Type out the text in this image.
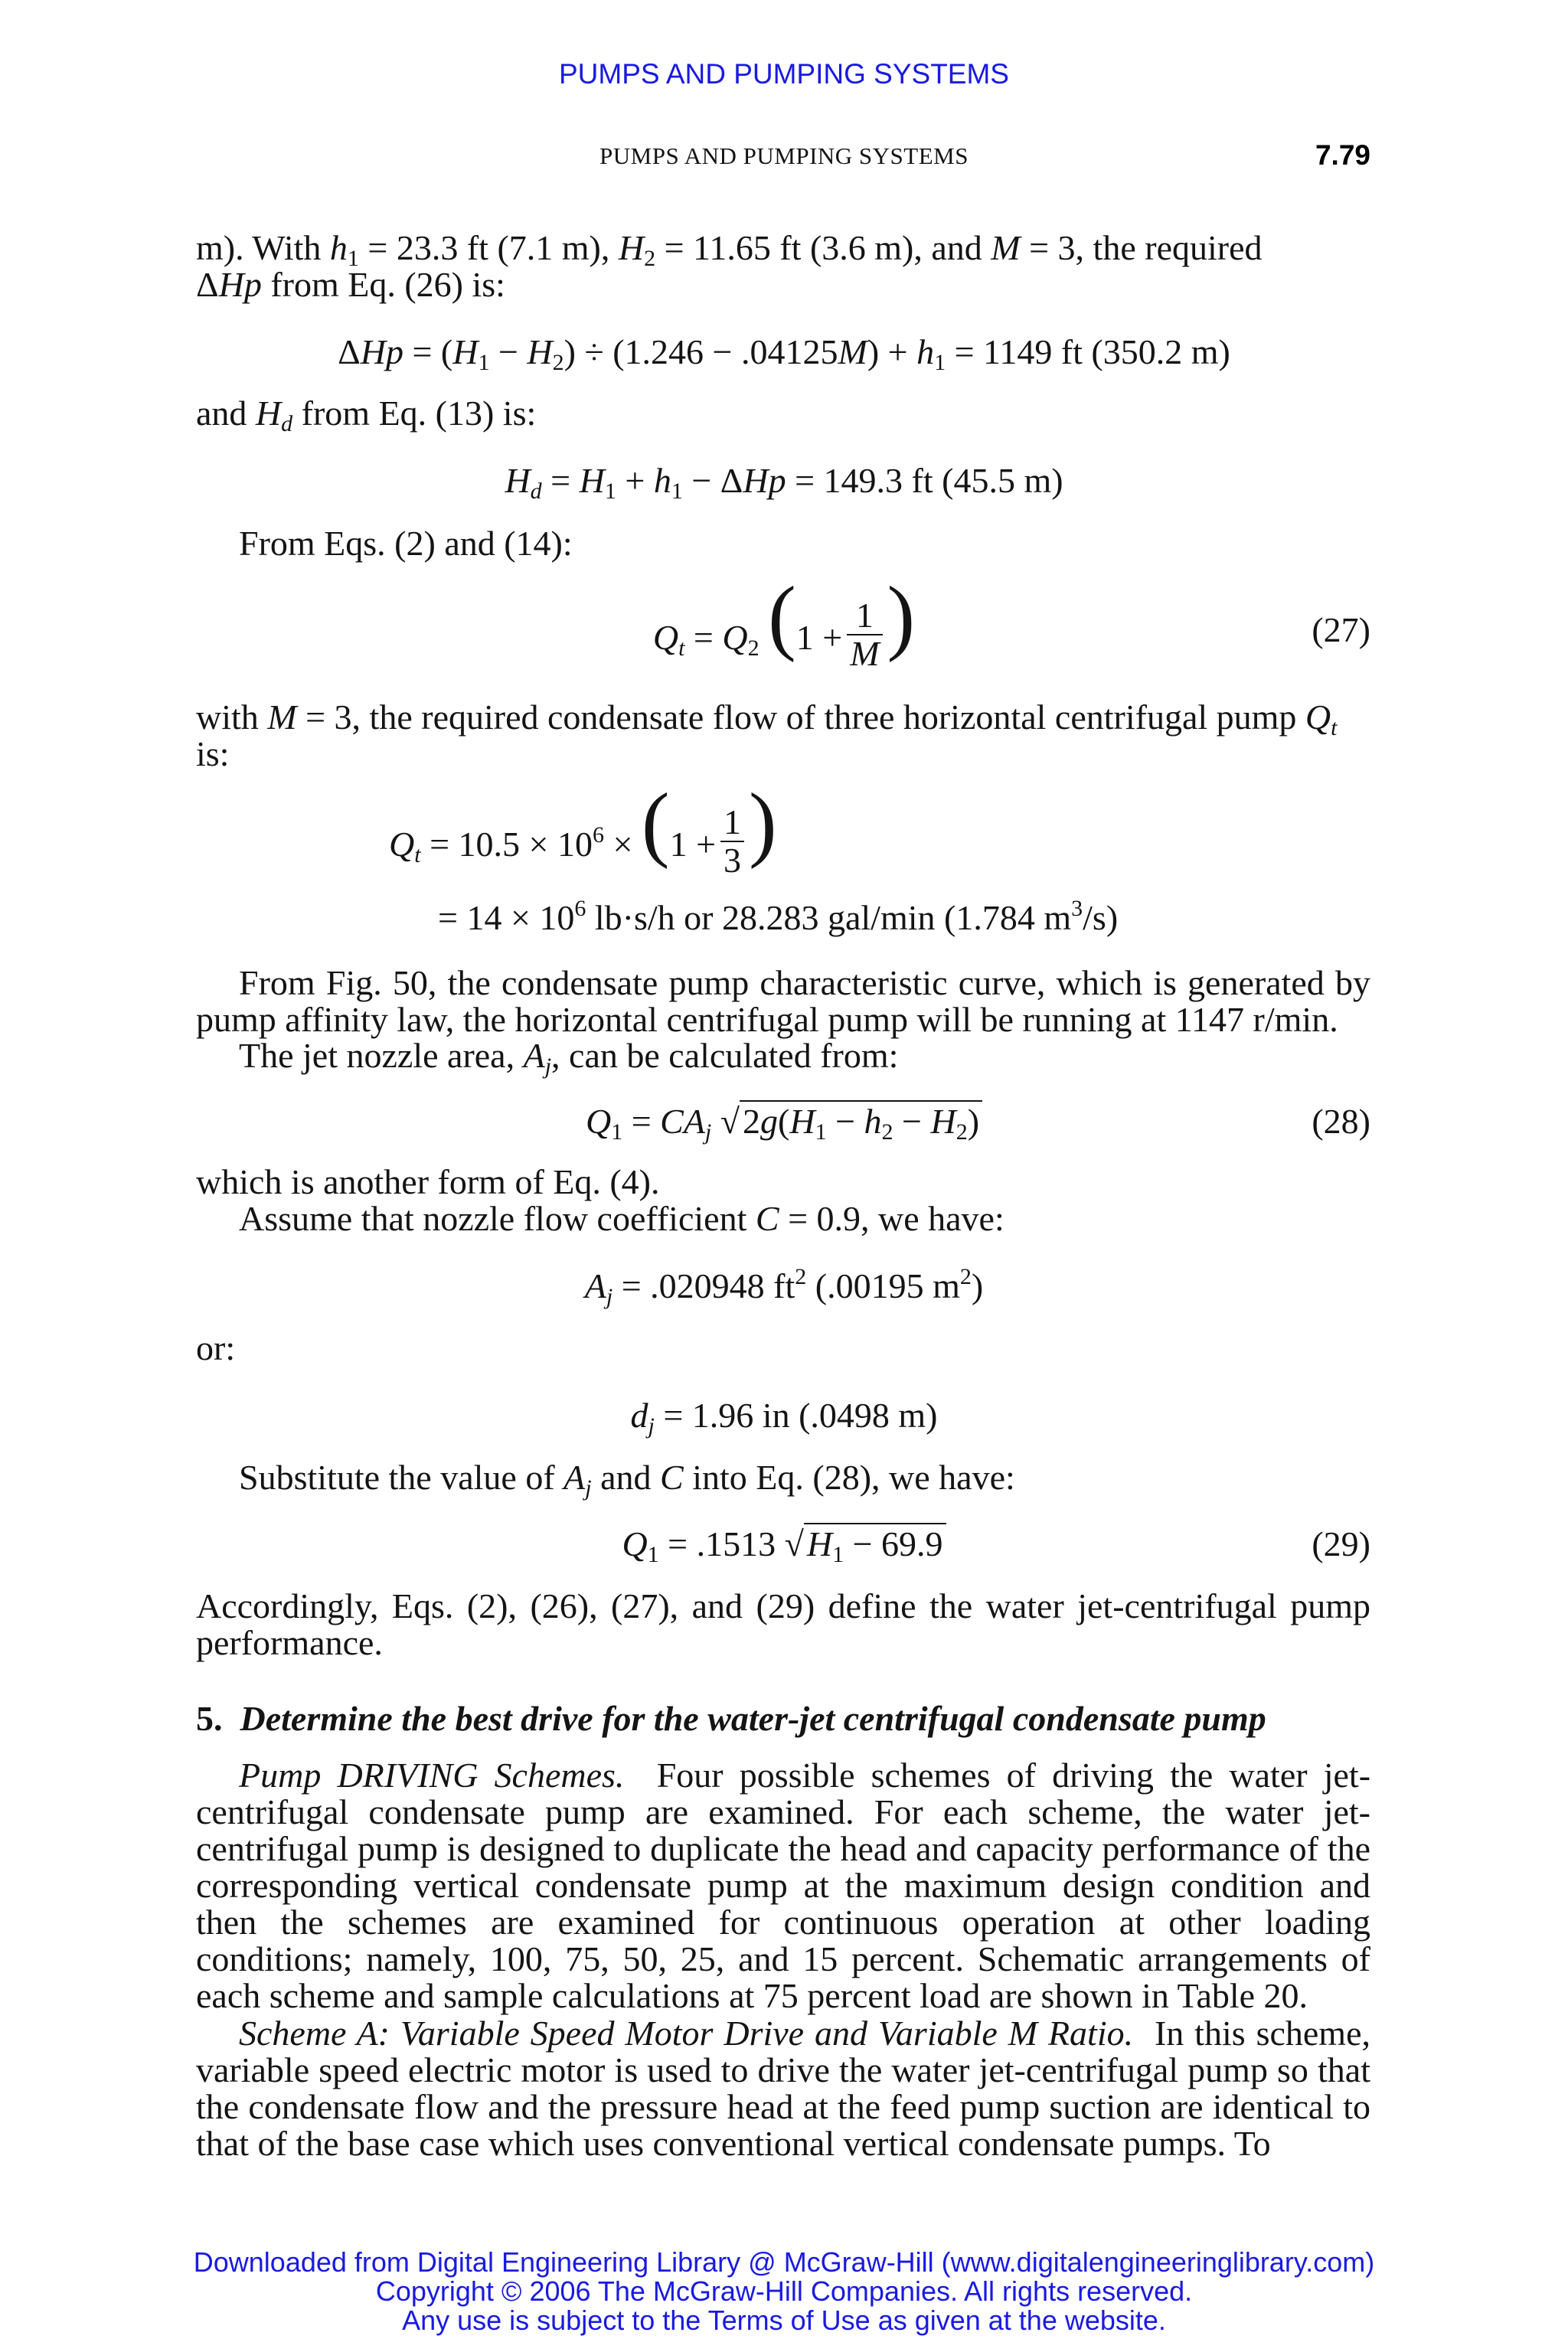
PUMPS AND PUMPING SYSTEMS
PUMPS AND PUMPING SYSTEMS	7.79
m). With $h_1 = 23.3$ ft (7.1 m), $H_2 = 11.65$ ft (3.6 m), and M = 3, the required
ΔHp from Eq. (26) is:
$\Delta Hp = (H_1 - H_2) \div (1.246 - .04125M) + h_1 = 1149$ ft (350.2 m)
and $H_d$ from Eq. (13) is:
$H_d = H_1 + h_1 - \Delta Hp = 149.3$ ft (45.5 m)
From Eqs. (2) and (14):
$Q_t = Q_2$ ($1 + \frac{1}{M}$ )	(27)
with M = 3, the required condensate flow of three horizontal centrifugal pump $Q_t$
is:
$Q_t = 10.5 \times 10^6 \times (1 + \frac{1}{3}$ )
= $14 \times 10^6$ lb·s/h or 28.283 gal/min (1.784 $m^3/s$)
From Fig. 50, the condensate pump characteristic curve, which is generated by pump affinity law, the horizontal centrifugal pump will be running at 1147 r/min.
The jet nozzle area, $A_j$, can be calculated from:
$Q_1 = CA_j$ $√2g(H_1 - h_2 - H_2)$	(28)
which is another form of Eq. (4).
Assume that nozzle flow coefficient C = 0.9, we have:
$A_j = .020948$ $ft^2$ (.00195 $m^2$)
or:
$d_j = 1.96$ in (.0498 m)
Substitute the value of $A_j$ and C into Eq. (28), we have:
$Q_1 = .1513$ $√H_1 - 69.9$	(29)
Accordingly, Eqs. (2), (26), (27), and (29) define the water jet-centrifugal pump performance.
5. Determine the best drive for the water-jet centrifugal condensate pump
Pump DRIVING Schemes. Four possible schemes of driving the water jet-centrifugal condensate pump are examined. For each scheme, the water jet-centrifugal pump is designed to duplicate the head and capacity performance of the corresponding vertical condensate pump at the maximum design condition and then the schemes are examined for continuous operation at other loading conditions; namely, 100, 75, 50, 25, and 15 percent. Schematic arrangements of each scheme and sample calculations at 75 percent load are shown in Table 20.
Scheme A: Variable Speed Motor Drive and Variable M Ratio. In this scheme, variable speed electric motor is used to drive the water jet-centrifugal pump so that the condensate flow and the pressure head at the feed pump suction are identical to that of the base case which uses conventional vertical condensate pumps. To
Downloaded from Digital Engineering Library @ McGraw-Hill (www.digitalengineeringlibrary.com)
Copyright © 2006 The McGraw-Hill Companies. All rights reserved.
Any use is subject to the Terms of Use as given at the website.
